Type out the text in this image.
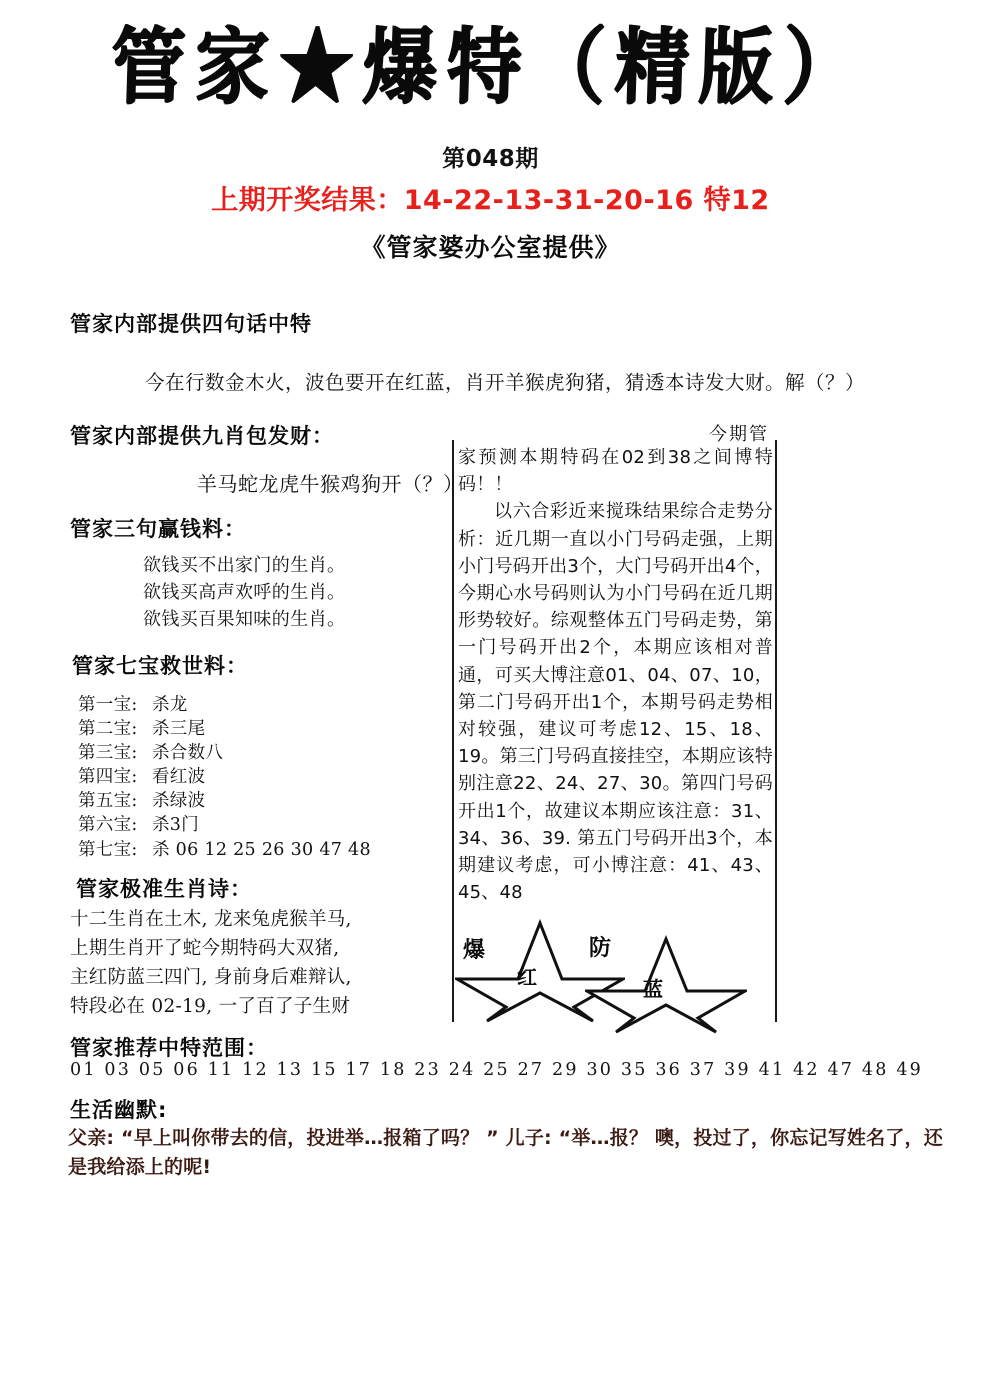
管家★爆特（精版）
第048期
上期开奖结果：14-22-13-31-20-16 特12
《管家婆办公室提供》
管家内部提供四句话中特
今在行数金木火，波色要开在红蓝，肖开羊猴虎狗猪，猜透本诗发大财。解（？）
管家内部提供九肖包发财：
羊马蛇龙虎牛猴鸡狗开（？）
管家三句赢钱料：
欲钱买不出家门的生肖。
欲钱买高声欢呼的生肖。
欲钱买百果知味的生肖。
管家七宝救世料：
第一宝: 杀龙
第二宝: 杀三尾
第三宝: 杀合数八
第四宝: 看红波
第五宝: 杀绿波
第六宝: 杀3门
第七宝: 杀 06 12 25 26 30 47 48
管家极准生肖诗：
十二生肖在土木, 龙来兔虎猴羊马,
上期生肖开了蛇今期特码大双猪,
主红防蓝三四门, 身前身后难辩认,
特段必在 02-19, 一了百了子生财
今期管

家预测本期特码在02到38之间博特码！！

以六合彩近来搅珠结果综合走势分析：近几期一直以小门号码走强，上期小门号码开出3个，大门号码开出4个，今期心水号码则认为小门号码在近几期形势较好。综观整体五门号码走势，第一门号码开出2个，本期应该相对普通，可买大博注意01、04、07、10，第二门号码开出1个，本期号码走势相对较强，建议可考虑12、15、18、19。第三门号码直接挂空，本期应该特别注意22、24、27、30。第四门号码开出1个，故建议本期应该注意：31、34、36、39. 第五门号码开出3个，本期建议考虑，可小博注意：41、43、45、48

爆
红
防
蓝
管家推荐中特范围：
01 03 05 06 11 12 13 15 17 18 23 24 25 27 29 30 35 36 37 39 41 42 47 48 49
生活幽默:
父亲: “早上叫你带去的信，投进举…报箱了吗？ ” 儿子: “举…报？ 噢，投过了，你忘记写姓名了，还是我给添上的呢!
